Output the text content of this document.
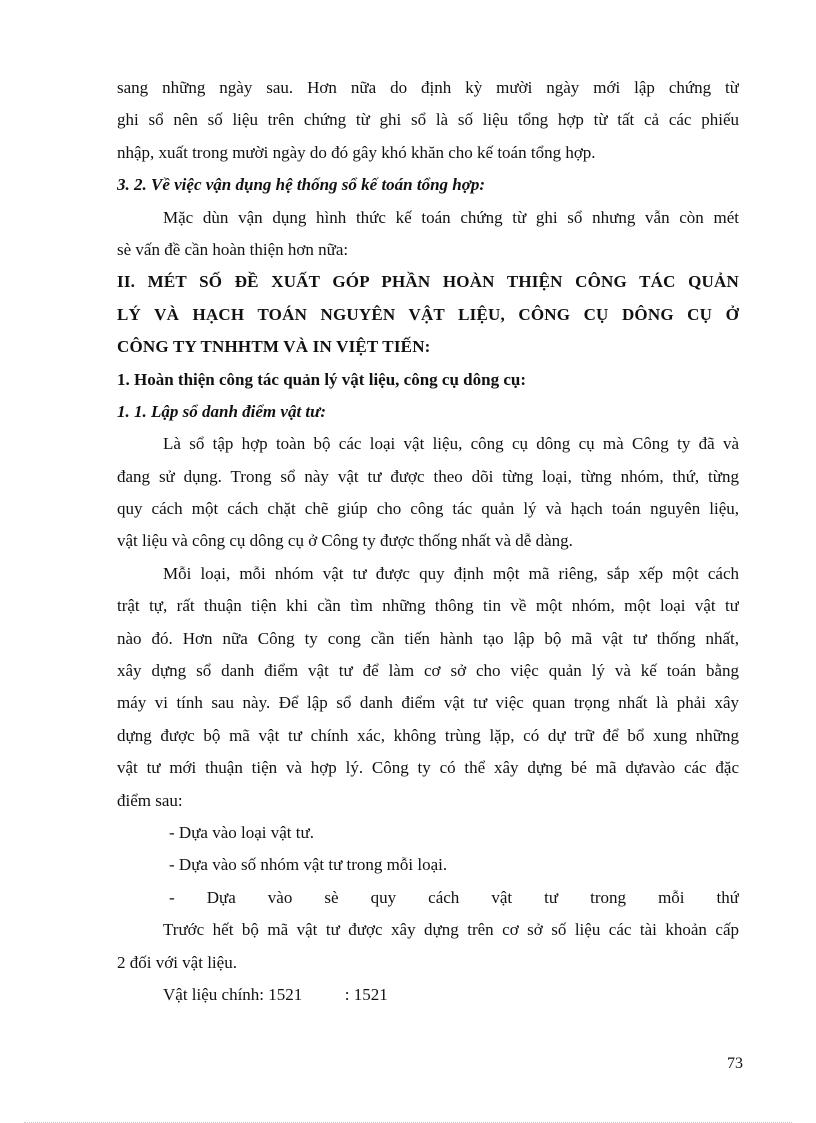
sang những ngày sau. Hơn nữa do định kỳ mười ngày mới lập chứng từ
ghi sổ nên số liệu trên chứng từ ghi sổ là số liệu tổng hợp từ tất cả các phiếu
nhập, xuất trong mười ngày do đó gây khó khăn cho kế toán tổng hợp.
3. 2. Về việc vận dụng hệ thống sổ kế toán tổng hợp:
Mặc dùn vận dụng hình thức kế toán chứng từ ghi sổ nhưng vẫn còn mét
sè vấn đề cần hoàn thiện hơn nữa:
II. MÉT SỐ ĐỀ XUẤT GÓP PHẦN HOÀN THIỆN CÔNG TÁC QUẢN
LÝ VÀ HẠCH TOÁN NGUYÊN VẬT LIỆU, CÔNG CỤ DÔNG CỤ Ở
CÔNG TY TNHHTM VÀ IN VIỆT TIẾN:
1. Hoàn thiện công tác quản lý vật liệu, công cụ dông cụ:
1. 1. Lập sổ danh điểm vật tư:
Là sổ tập hợp toàn bộ các loại vật liệu, công cụ dông cụ mà Công ty đã và
đang sử dụng. Trong sổ này vật tư được theo dõi từng loại, từng nhóm, thứ, từng
quy cách một cách chặt chẽ giúp cho công tác quản lý và hạch toán nguyên liệu,
vật liệu và công cụ dông cụ ở Công ty được thống nhất và dễ dàng.
Mỗi loại, mỗi nhóm vật tư được quy định một mã riêng, sắp xếp một cách
trật tự, rất thuận tiện khi cần tìm những thông tin về một nhóm, một loại vật tư
nào đó. Hơn nữa Công ty cong cần tiến hành tạo lập bộ mã vật tư thống nhất,
xây dựng sổ danh điểm vật tư để làm cơ sở cho việc quản lý và kế toán bằng
máy vi tính sau này. Để lập sổ danh điểm vật tư việc quan trọng nhất là phải xây
dựng được bộ mã vật tư chính xác, không trùng lặp, có dự trữ để bổ xung những
vật tư mới thuận tiện và hợp lý. Công ty có thể xây dựng bé mã dựavào các đặc
điểm sau:
- Dựa vào loại vật tư.
- Dựa vào số nhóm vật tư trong mỗi loại.
- Dựa vào sè quy cách vật tư trong mỗi thứ
Trước hết bộ mã vật tư được xây dựng trên cơ sở số liệu các tài khoản cấp
2 đối với vật liệu.
Vật liệu chính: 1521          : 1521
73
